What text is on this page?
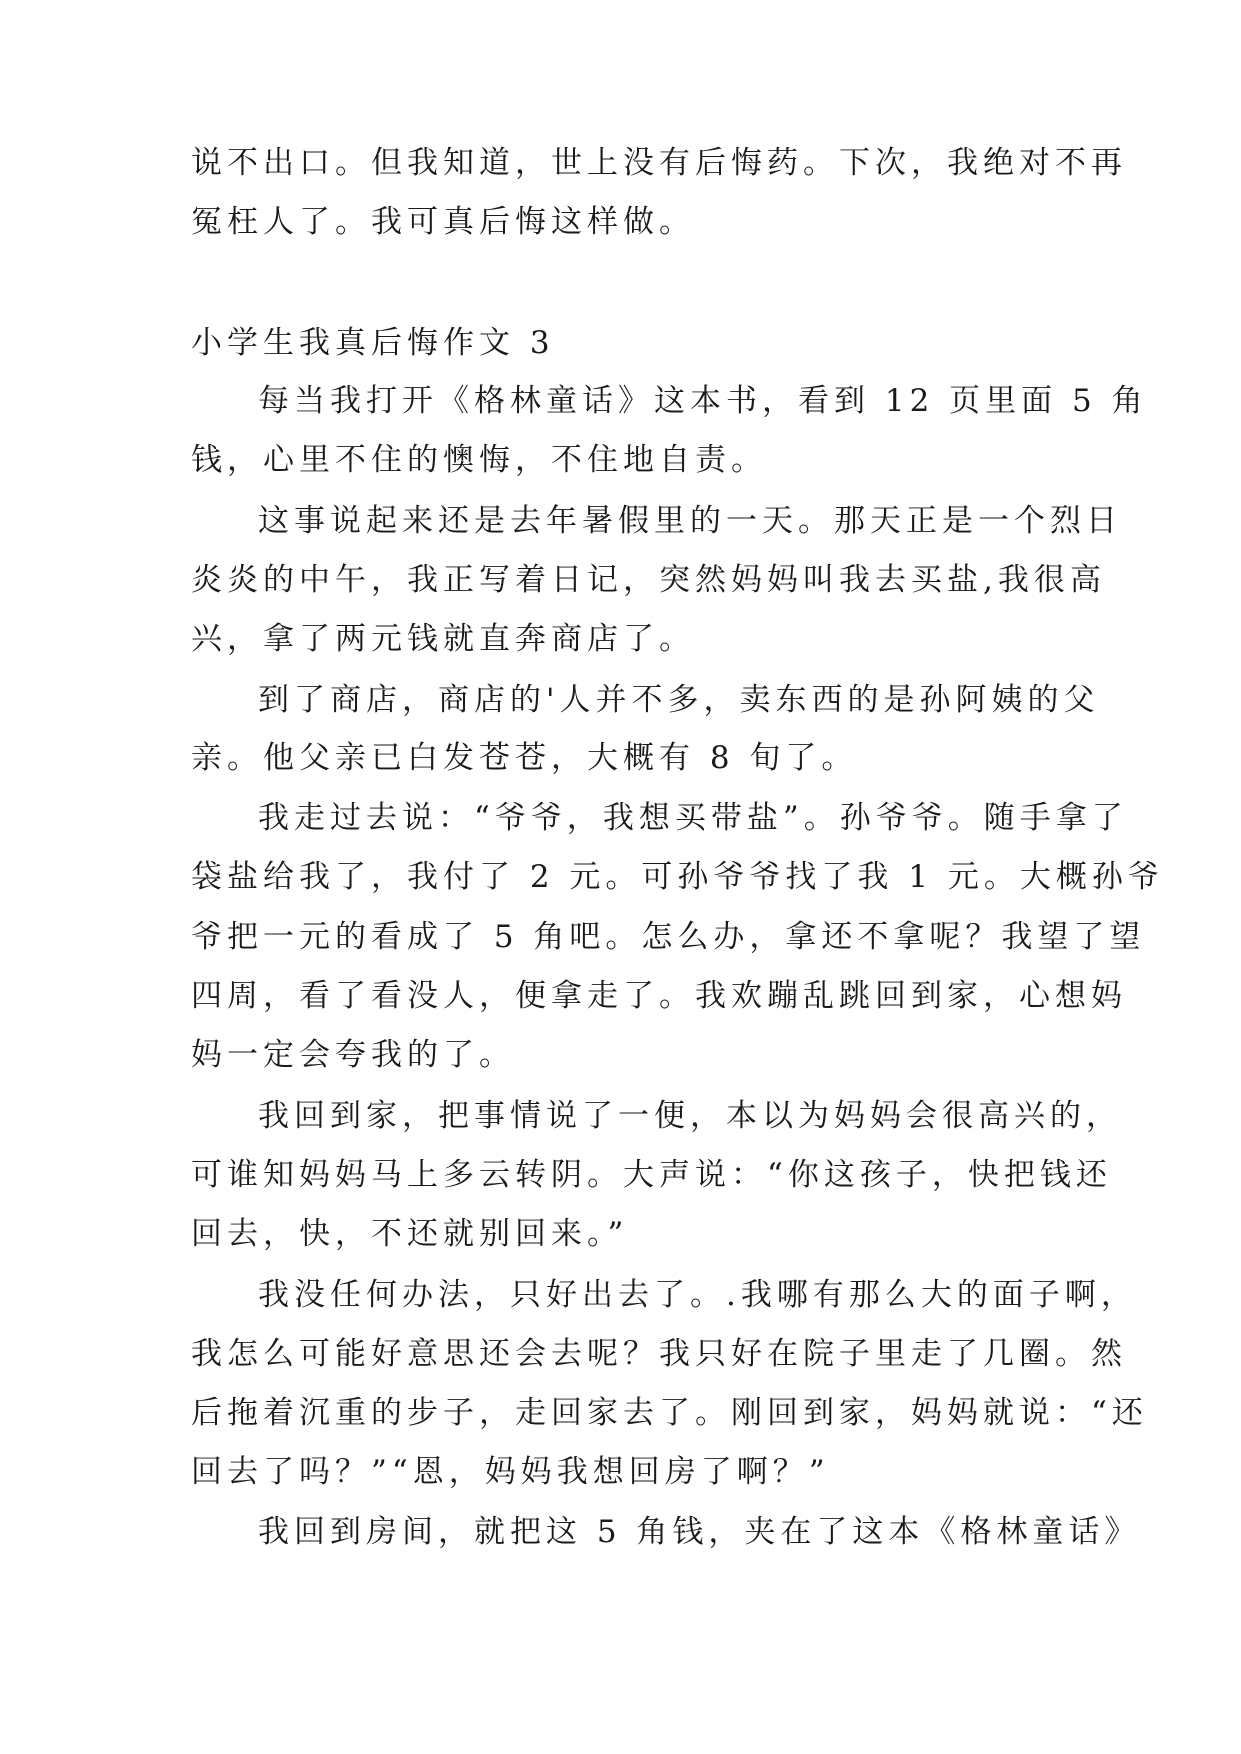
说不出口。但我知道，世上没有后悔药。下次，我绝对不再
冤枉人了。我可真后悔这样做。
小学生我真后悔作文 3
每当我打开《格林童话》这本书，看到 12 页里面 5 角
钱，心里不住的懊悔，不住地自责。
这事说起来还是去年暑假里的一天。那天正是一个烈日
炎炎的中午，我正写着日记，突然妈妈叫我去买盐,我很高
兴，拿了两元钱就直奔商店了。
到了商店，商店的'人并不多，卖东西的是孙阿姨的父
亲。他父亲已白发苍苍，大概有 8 旬了。
我走过去说：“爷爷，我想买带盐”。孙爷爷。随手拿了
袋盐给我了，我付了 2 元。可孙爷爷找了我 1 元。大概孙爷
爷把一元的看成了 5 角吧。怎么办，拿还不拿呢？我望了望
四周，看了看没人，便拿走了。我欢蹦乱跳回到家，心想妈
妈一定会夸我的了。
我回到家，把事情说了一便，本以为妈妈会很高兴的，
可谁知妈妈马上多云转阴。大声说：“你这孩子，快把钱还
回去，快，不还就别回来。”
我没任何办法，只好出去了。.我哪有那么大的面子啊，
我怎么可能好意思还会去呢？我只好在院子里走了几圈。然
后拖着沉重的步子，走回家去了。刚回到家，妈妈就说：“还
回去了吗？”“恩，妈妈我想回房了啊？”
我回到房间，就把这 5 角钱，夹在了这本《格林童话》
